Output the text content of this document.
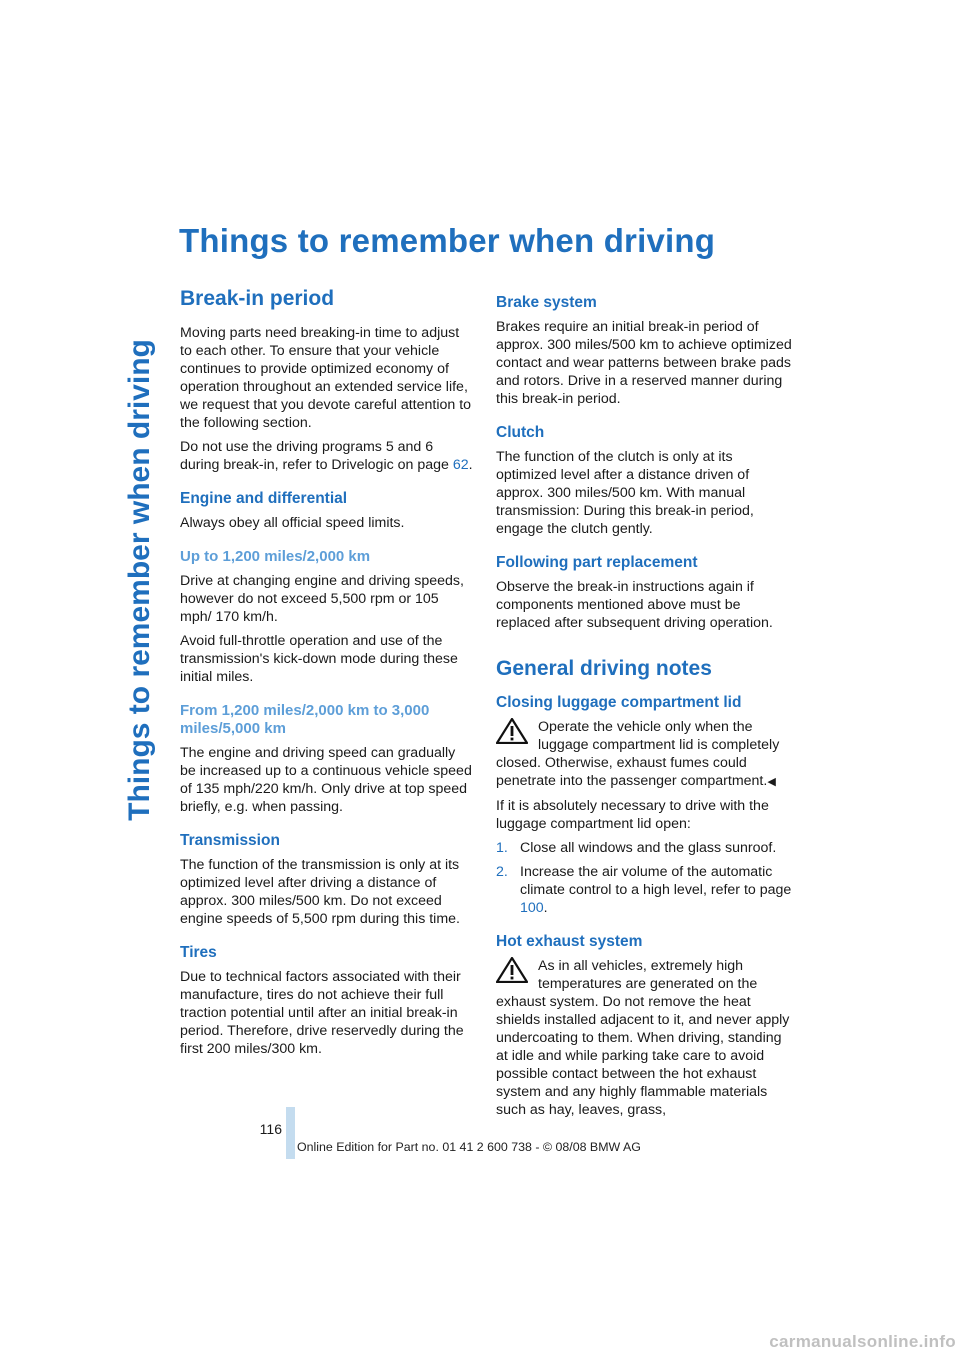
Things to remember when driving
Things to remember when driving
Break-in period

Moving parts need breaking-in time to adjust to each other. To ensure that your vehicle continues to provide optimized economy of operation throughout an extended service life, we request that you devote careful attention to the following section.

Do not use the driving programs 5 and 6 during break-in, refer to Drivelogic on page 62.

Engine and differential

Always obey all official speed limits.

Up to 1,200 miles/2,000 km

Drive at changing engine and driving speeds, however do not exceed 5,500 rpm or 105 mph/ 170 km/h.

Avoid full-throttle operation and use of the transmission's kick-down mode during these initial miles.

From 1,200 miles/2,000 km to 3,000 miles/5,000 km

The engine and driving speed can gradually be increased up to a continuous vehicle speed of 135 mph/220 km/h. Only drive at top speed briefly, e.g. when passing.

Transmission

The function of the transmission is only at its optimized level after driving a distance of approx. 300 miles/500 km. Do not exceed engine speeds of 5,500 rpm during this time.

Tires

Due to technical factors associated with their manufacture, tires do not achieve their full traction potential until after an initial break-in period. Therefore, drive reservedly during the first 200 miles/300 km.

Brake system

Brakes require an initial break-in period of approx. 300 miles/500 km to achieve optimized contact and wear patterns between brake pads and rotors. Drive in a reserved manner during this break-in period.

Clutch

The function of the clutch is only at its optimized level after a distance driven of approx. 300 miles/500 km. With manual transmission: During this break-in period, engage the clutch gently.

Following part replacement

Observe the break-in instructions again if components mentioned above must be replaced after subsequent driving operation.

General driving notes
Closing luggage compartment lid

Operate the vehicle only when the luggage compartment lid is completely closed. Otherwise, exhaust fumes could penetrate into the passenger compartment.◀

If it is absolutely necessary to drive with the luggage compartment lid open:

1. Close all windows and the glass sunroof.
2. Increase the air volume of the automatic climate control to a high level, refer to page 100.
Hot exhaust system

As in all vehicles, extremely high temperatures are generated on the exhaust system. Do not remove the heat shields installed adjacent to it, and never apply undercoating to them. When driving, standing at idle and while parking take care to avoid possible contact between the hot exhaust system and any highly flammable materials such as hay, leaves, grass,

116
Online Edition for Part no. 01 41 2 600 738 - © 08/08 BMW AG
carmanualsonline.info
